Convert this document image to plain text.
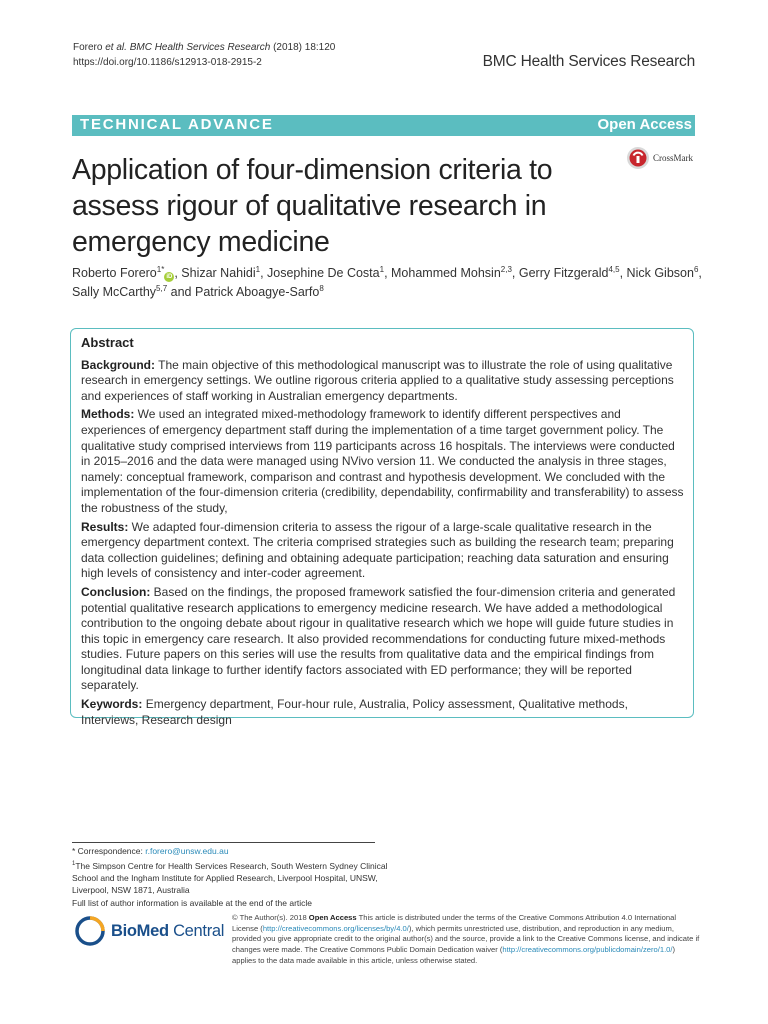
Forero et al. BMC Health Services Research (2018) 18:120
https://doi.org/10.1186/s12913-018-2915-2	BMC Health Services Research
TECHNICAL ADVANCE	Open Access
Application of four-dimension criteria to assess rigour of qualitative research in emergency medicine
CrossMark
Roberto Forero$^{1*}$iD , Shizar Nahidi$^1$, Josephine De Costa$^1$, Mohammed Mohsin$^{2,3}$, Gerry Fitzgerald$^{4,5}$, Nick Gibson$^6$, Sally McCarthy$^{5,7}$ and Patrick Aboagye-Sarfo$^8$
Abstract

Background: The main objective of this methodological manuscript was to illustrate the role of using qualitative research in emergency settings. We outline rigorous criteria applied to a qualitative study assessing perceptions and experiences of staff working in Australian emergency departments.

Methods: We used an integrated mixed-methodology framework to identify different perspectives and experiences of emergency department staff during the implementation of a time target government policy. The qualitative study comprised interviews from 119 participants across 16 hospitals. The interviews were conducted in 2015–2016 and the data were managed using NVivo version 11. We conducted the analysis in three stages, namely: conceptual framework, comparison and contrast and hypothesis development. We concluded with the implementation of the four-dimension criteria (credibility, dependability, confirmability and transferability) to assess the robustness of the study,

Results: We adapted four-dimension criteria to assess the rigour of a large-scale qualitative research in the emergency department context. The criteria comprised strategies such as building the research team; preparing data collection guidelines; defining and obtaining adequate participation; reaching data saturation and ensuring high levels of consistency and inter-coder agreement.

Conclusion: Based on the findings, the proposed framework satisfied the four-dimension criteria and generated potential qualitative research applications to emergency medicine research. We have added a methodological contribution to the ongoing debate about rigour in qualitative research which we hope will guide future studies in this topic in emergency care research. It also provided recommendations for conducting future mixed-methods studies. Future papers on this series will use the results from qualitative data and the empirical findings from longitudinal data linkage to further identify factors associated with ED performance; they will be reported separately.

Keywords: Emergency department, Four-hour rule, Australia, Policy assessment, Qualitative methods, Interviews, Research design

* Correspondence: r.forero@unsw.edu.au
$^1$The Simpson Centre for Health Services Research, South Western Sydney Clinical School and the Ingham Institute for Applied Research, Liverpool Hospital, UNSW, Liverpool, NSW 1871, Australia
Full list of author information is available at the end of the article
BioMed Central
© The Author(s). 2018 Open Access This article is distributed under the terms of the Creative Commons Attribution 4.0 International License (http://creativecommons.org/licenses/by/4.0/), which permits unrestricted use, distribution, and reproduction in any medium, provided you give appropriate credit to the original author(s) and the source, provide a link to the Creative Commons license, and indicate if changes were made. The Creative Commons Public Domain Dedication waiver (http://creativecommons.org/publicdomain/zero/1.0/) applies to the data made available in this article, unless otherwise stated.
